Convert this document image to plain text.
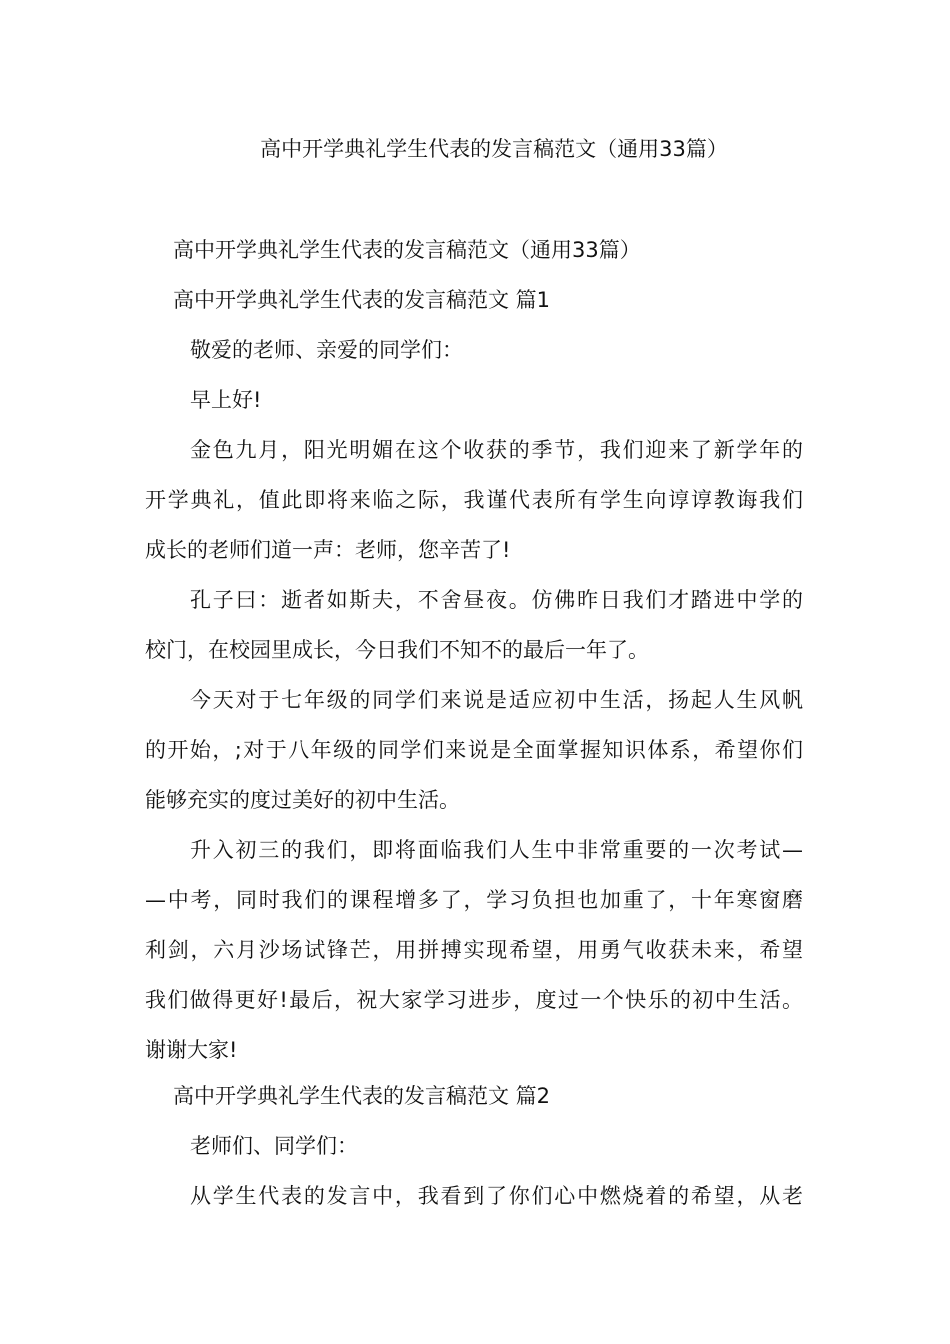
高中开学典礼学生代表的发言稿范文（通用33篇）
高中开学典礼学生代表的发言稿范文（通用33篇）
高中开学典礼学生代表的发言稿范文 篇1
敬爱的老师、亲爱的同学们：
早上好!
金色九月，阳光明媚在这个收获的季节，我们迎来了新学年的
开学典礼，值此即将来临之际，我谨代表所有学生向谆谆教诲我们
成长的老师们道一声：老师，您辛苦了!
孔子曰：逝者如斯夫，不舍昼夜。仿佛昨日我们才踏进中学的
校门，在校园里成长，今日我们不知不的最后一年了。
今天对于七年级的同学们来说是适应初中生活，扬起人生风帆
的开始，;对于八年级的同学们来说是全面掌握知识体系，希望你们
能够充实的度过美好的初中生活。
升入初三的我们，即将面临我们人生中非常重要的一次考试—
—中考，同时我们的课程增多了，学习负担也加重了，十年寒窗磨
利剑，六月沙场试锋芒，用拼搏实现希望，用勇气收获未来，希望
我们做得更好!最后，祝大家学习进步，度过一个快乐的初中生活。
谢谢大家!
高中开学典礼学生代表的发言稿范文 篇2
老师们、同学们：
从学生代表的发言中，我看到了你们心中燃烧着的希望，从老
